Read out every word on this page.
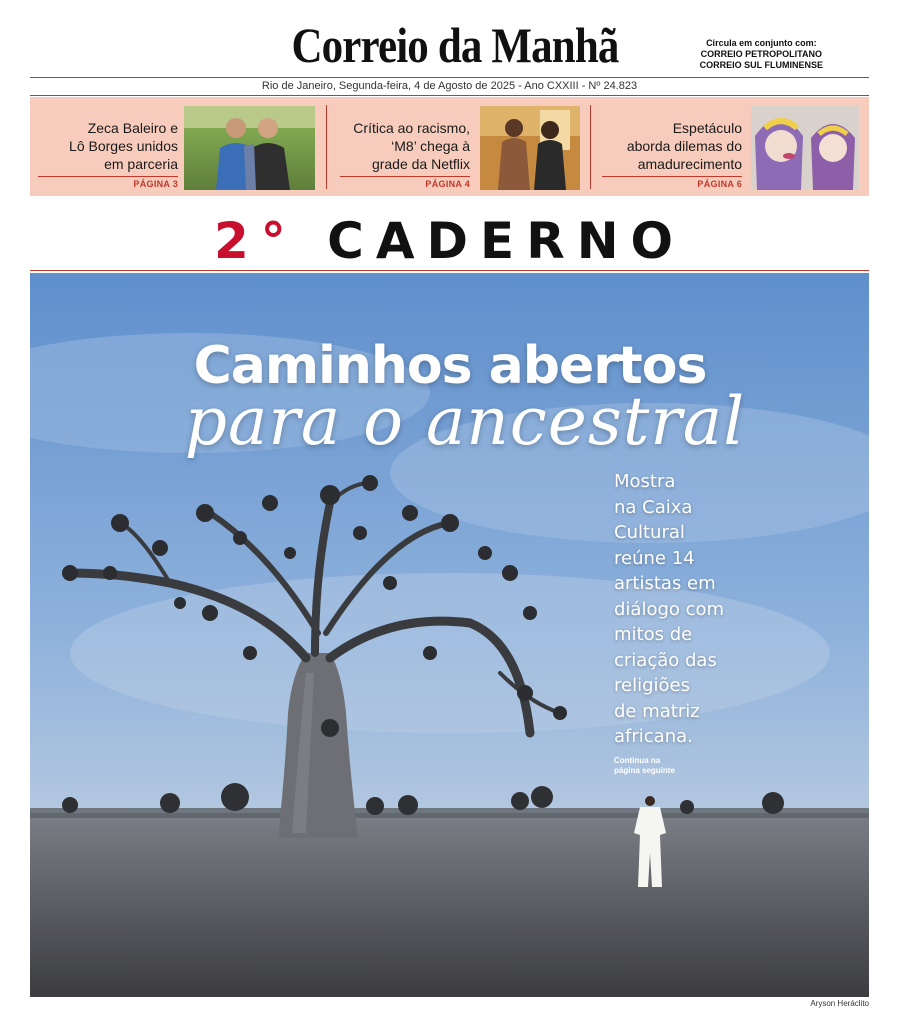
Correio da Manhã	Circula em conjunto com:
CORREIO PETROPOLITANO
CORREIO SUL FLUMINENSE
Rio de Janeiro, Segunda-feira, 4 de Agosto de 2025 - Ano CXXIII - Nº 24.823
Zeca Baleiro e
Lô Borges unidos
em parceria
PÁGINA 3
Crítica ao racismo,
‘M8’ chega à
grade da Netflix
PÁGINA 4
Espetáculo
aborda dilemas do
amadurecimento
PÁGINA 6
2° CADERNO
Caminhos abertos
para o ancestral
Mostra
na Caixa
Cultural
reúne 14
artistas em
diálogo com
mitos de
criação das
religiões
de matriz
africana.
Continua na
página seguinte
Aryson Heráclito
